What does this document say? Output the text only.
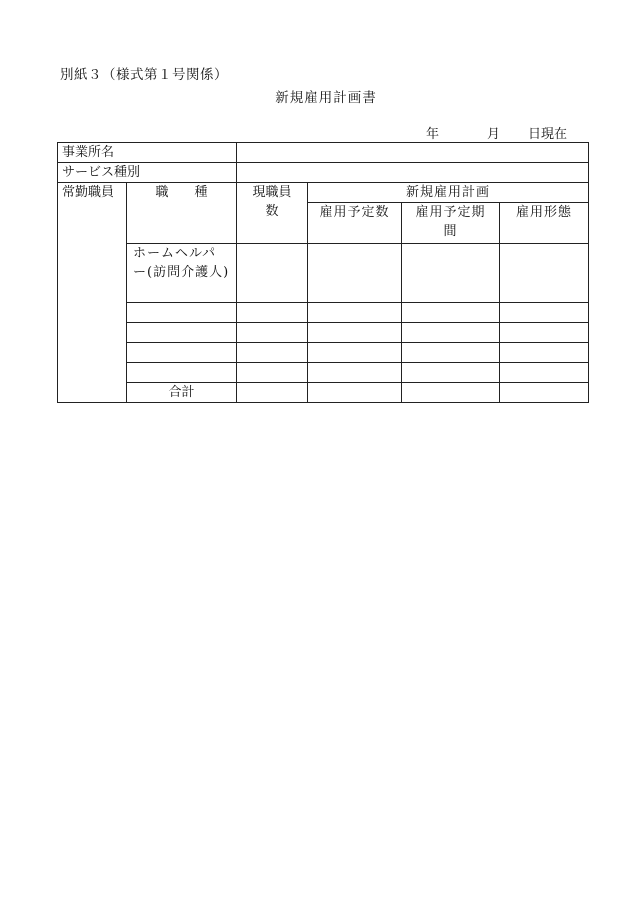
別紙３（様式第１号関係）
新規雇用計画書
年	月 日現在
事業所名					
サービス種別					
常勤職員	職　　種	現職員数	新規雇用計画		
			雇用予定数	雇用予定期間	雇用形態
	ホームヘルパー(訪問介護人)				

	合計				
